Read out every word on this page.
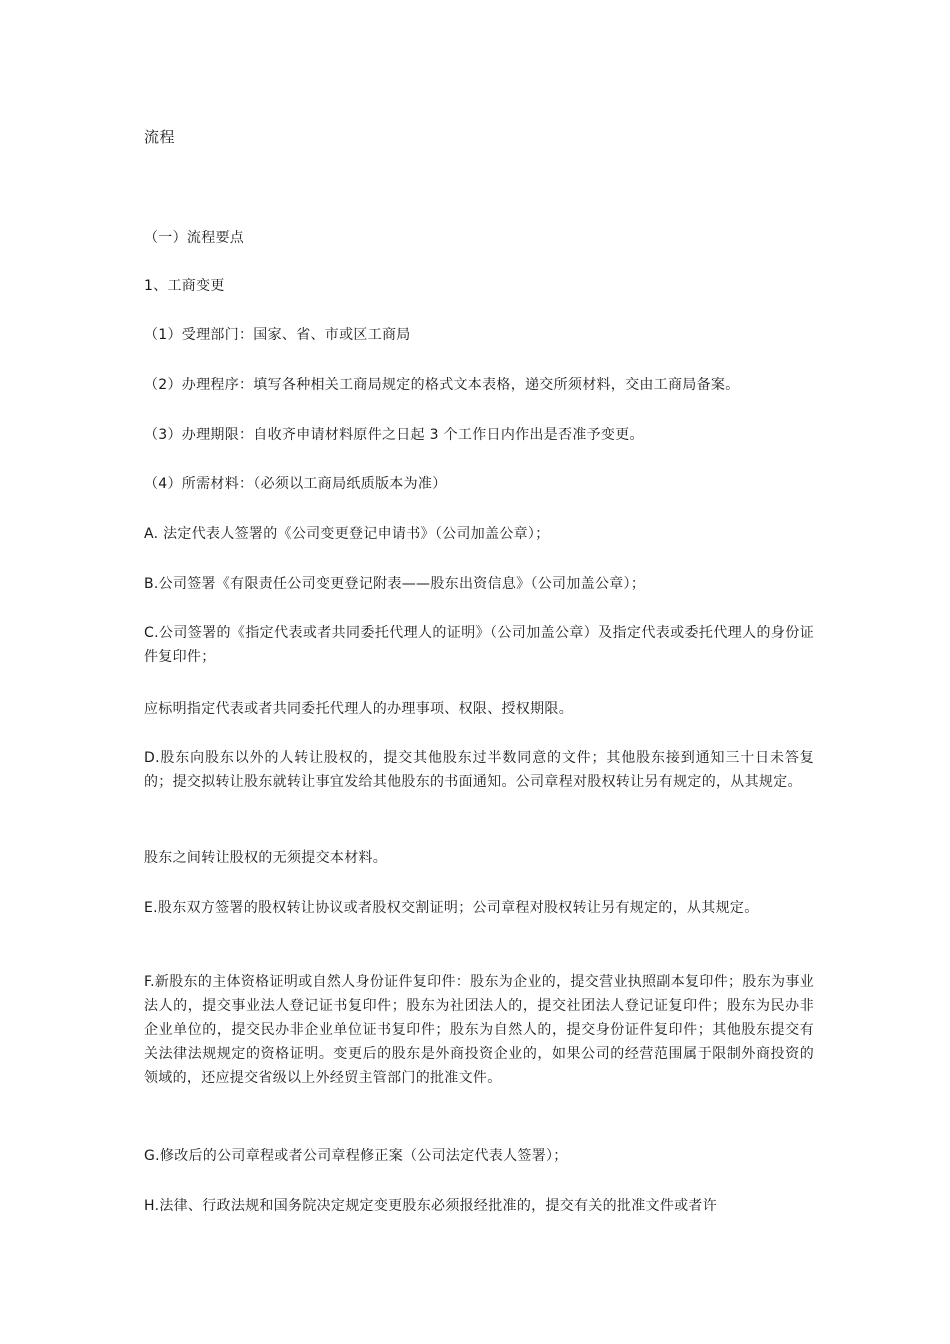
流程
（一）流程要点
1、工商变更
（1）受理部门：国家、省、市或区工商局
（2）办理程序：填写各种相关工商局规定的格式文本表格，递交所须材料，交由工商局备案。
（3）办理期限：自收齐申请材料原件之日起 3 个工作日内作出是否准予变更。
（4）所需材料：（必须以工商局纸质版本为准）
A. 法定代表人签署的《公司变更登记申请书》（公司加盖公章）；
B.公司签署《有限责任公司变更登记附表——股东出资信息》（公司加盖公章）；
C.公司签署的《指定代表或者共同委托代理人的证明》（公司加盖公章）及指定代表或委托代理人的身份证件复印件；
应标明指定代表或者共同委托代理人的办理事项、权限、授权期限。
D.股东向股东以外的人转让股权的，提交其他股东过半数同意的文件；其他股东接到通知三十日未答复的；提交拟转让股东就转让事宜发给其他股东的书面通知。公司章程对股权转让另有规定的，从其规定。
股东之间转让股权的无须提交本材料。
E.股东双方签署的股权转让协议或者股权交割证明；公司章程对股权转让另有规定的，从其规定。
F.新股东的主体资格证明或自然人身份证件复印件：股东为企业的，提交营业执照副本复印件；股东为事业法人的，提交事业法人登记证书复印件；股东为社团法人的，提交社团法人登记证复印件；股东为民办非企业单位的，提交民办非企业单位证书复印件；股东为自然人的，提交身份证件复印件；其他股东提交有关法律法规规定的资格证明。变更后的股东是外商投资企业的，如果公司的经营范围属于限制外商投资的领域的，还应提交省级以上外经贸主管部门的批准文件。
G.修改后的公司章程或者公司章程修正案（公司法定代表人签署）；
H.法律、行政法规和国务院决定规定变更股东必须报经批准的，提交有关的批准文件或者许
